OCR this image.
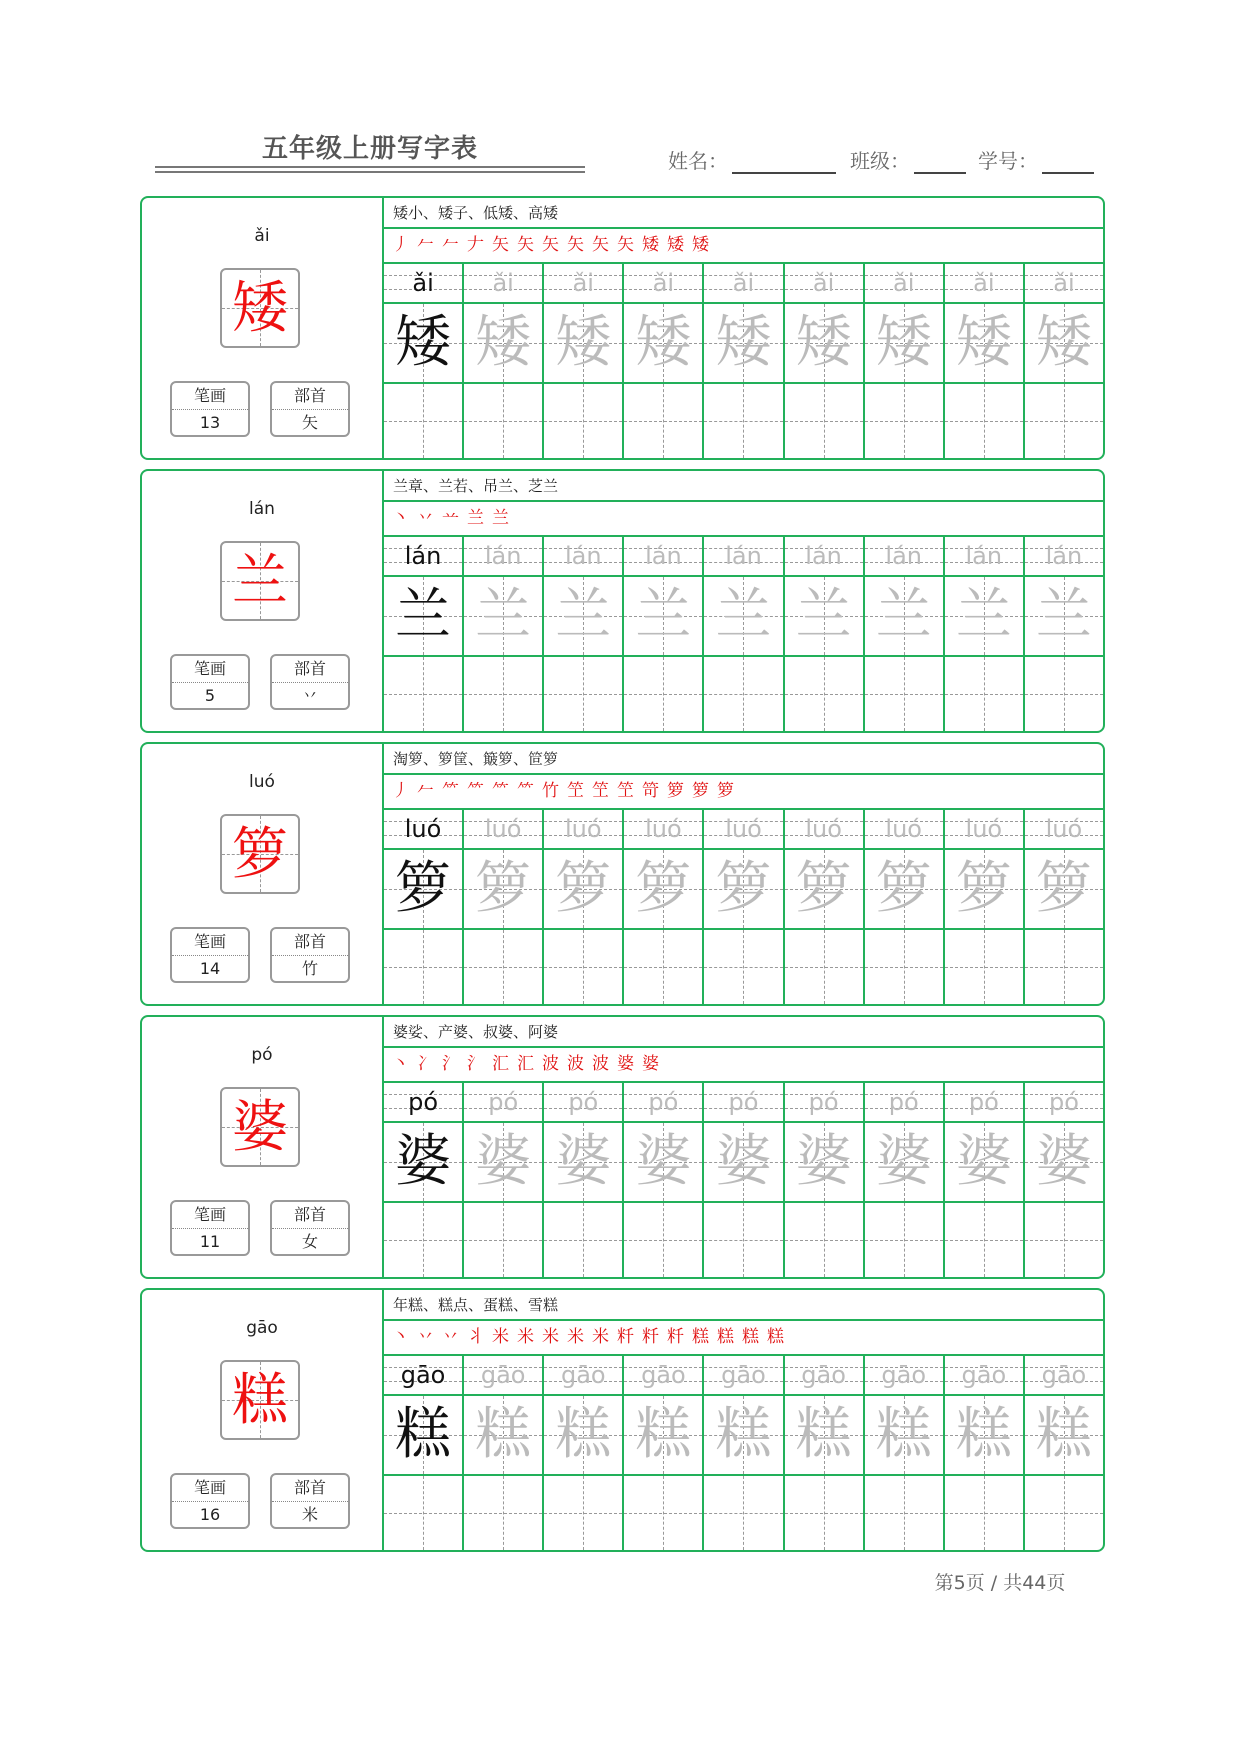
五年级上册写字表	姓名：	班级：	学号：
ǎi
矮
笔画
13
部首
矢
矮小、矮子、低矮、高矮
丿 𠂉 𠂉 𠂇 矢 矢 矢 矢 矢 矢 矮 矮 矮
ǎi	ǎi	ǎi	ǎi	ǎi	ǎi	ǎi	ǎi	ǎi
矮 矮 矮 矮 矮 矮 矮 矮 矮
lán
兰
笔画
5
部首
丷
兰章、兰若、吊兰、芝兰
丶 丷 䒑 兰 兰
lán	lán	lán	lán	lán	lán	lán	lán	lán
兰 兰 兰 兰 兰 兰 兰 兰 兰
luó
箩
笔画
14
部首
竹
淘箩、箩筐、簸箩、笸箩
丿 𠂉 ⺮ ⺮ ⺮ ⺮ 竹 笁 笁 笁 笴 箩 箩 箩
luó	luó	luó	luó	luó	luó	luó	luó	luó
箩 箩 箩 箩 箩 箩 箩 箩 箩
pó
婆
笔画
11
部首
女
婆娑、产婆、叔婆、阿婆
丶 冫 氵 氵 汇 汇 波 波 波 婆 婆
pó	pó	pó	pó	pó	pó	pó	pó	pó
婆 婆 婆 婆 婆 婆 婆 婆 婆
gāo
糕
笔画
16
部首
米
年糕、糕点、蛋糕、雪糕
丶 丷 丷 丬 米 米 米 米 米 粁 粁 粁 糕 糕 糕 糕
gāo	gāo	gāo	gāo	gāo	gāo	gāo	gāo	gāo
糕 糕 糕 糕 糕 糕 糕 糕 糕
第5页 / 共44页
